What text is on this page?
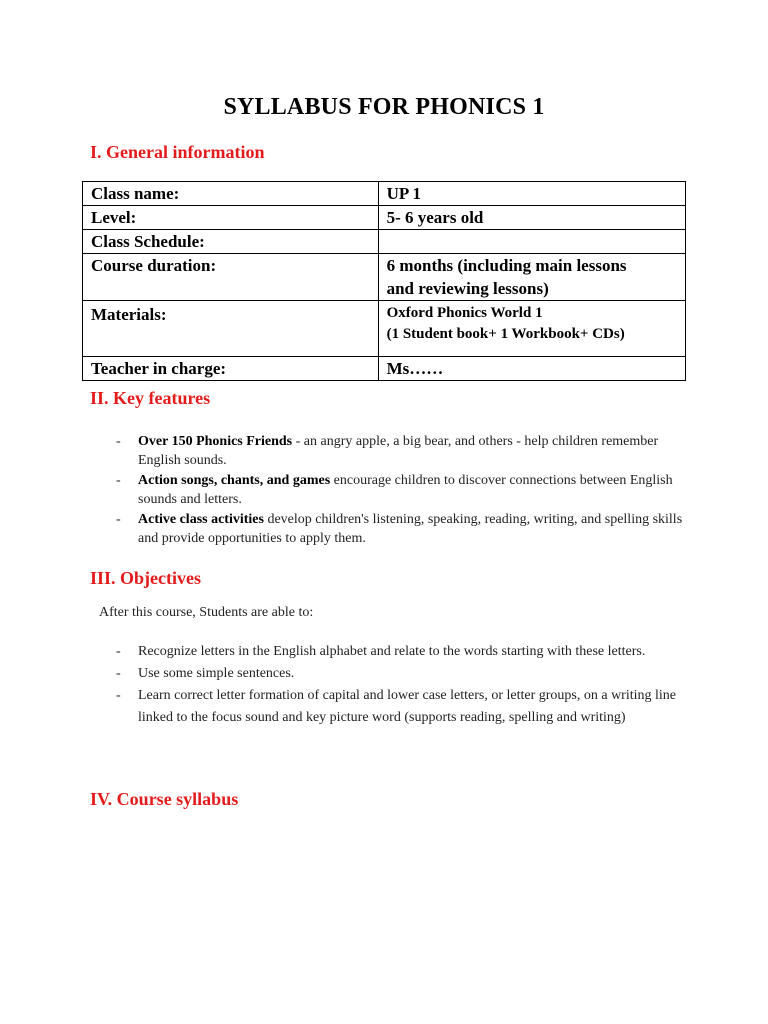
SYLLABUS FOR PHONICS 1
I. General information
Class name:	UP 1
Level:	5- 6 years old
Class Schedule:	
Course duration:	6 months (including main lessons
and reviewing lessons)

Materials:	Oxford Phonics World 1
(1 Student book+ 1 Workbook+ CDs)

Teacher in charge:	Ms……
II. Key features
- Over 150 Phonics Friends - an angry apple, a big bear, and others - help children remember English sounds.
- Action songs, chants, and games encourage children to discover connections between English sounds and letters.
- Active class activities develop children's listening, speaking, reading, writing, and spelling skills and provide opportunities to apply them.
III. Objectives
After this course, Students are able to:
- Recognize letters in the English alphabet and relate to the words starting with these letters.
- Use some simple sentences.
- Learn correct letter formation of capital and lower case letters, or letter groups, on a writing line linked to the focus sound and key picture word (supports reading, spelling and writing)
IV. Course syllabus
